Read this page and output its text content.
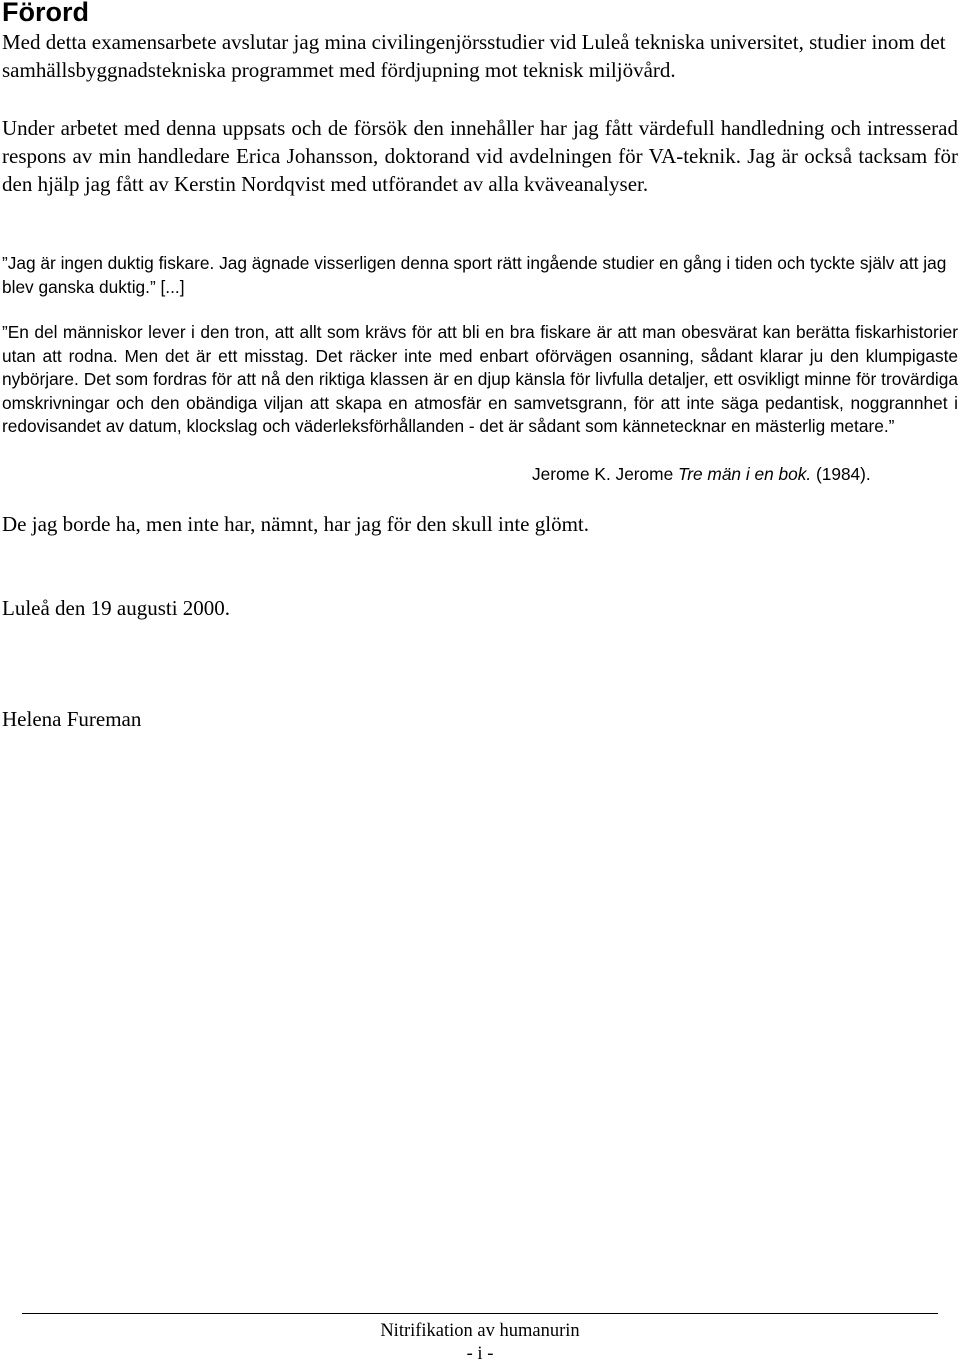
Förord

Med detta examensarbete avslutar jag mina civilingenjörsstudier vid Luleå tekniska universitet, studier inom det samhällsbyggnadstekniska programmet med fördjupning mot teknisk miljövård.

Under arbetet med denna uppsats och de försök den innehåller har jag fått värdefull handledning och intresserad respons av min handledare Erica Johansson, doktorand vid avdelningen för VA-teknik. Jag är också tacksam för den hjälp jag fått av Kerstin Nordqvist med utförandet av alla kväveanalyser.

”Jag är ingen duktig fiskare. Jag ägnade visserligen denna sport rätt ingående studier en gång i tiden och tyckte själv att jag blev ganska duktig.” [...]

”En del människor lever i den tron, att allt som krävs för att bli en bra fiskare är att man obesvärat kan berätta fiskarhistorier utan att rodna. Men det är ett misstag. Det räcker inte med enbart oförvägen osanning, sådant klarar ju den klumpigaste nybörjare. Det som fordras för att nå den riktiga klassen är en djup känsla för livfulla detaljer, ett osvikligt minne för trovärdiga omskrivningar och den obändiga viljan att skapa en atmosfär en samvetsgrann, för att inte säga pedantisk, noggrannhet i redovisandet av datum, klockslag och väderleksförhållanden - det är sådant som kännetecknar en mästerlig metare.”

Jerome K. Jerome Tre män i en bok. (1984).

De jag borde ha, men inte har, nämnt, har jag för den skull inte glömt.

Luleå den 19 augusti 2000.

Helena Fureman

Nitrifikation av humanurin

- i -
